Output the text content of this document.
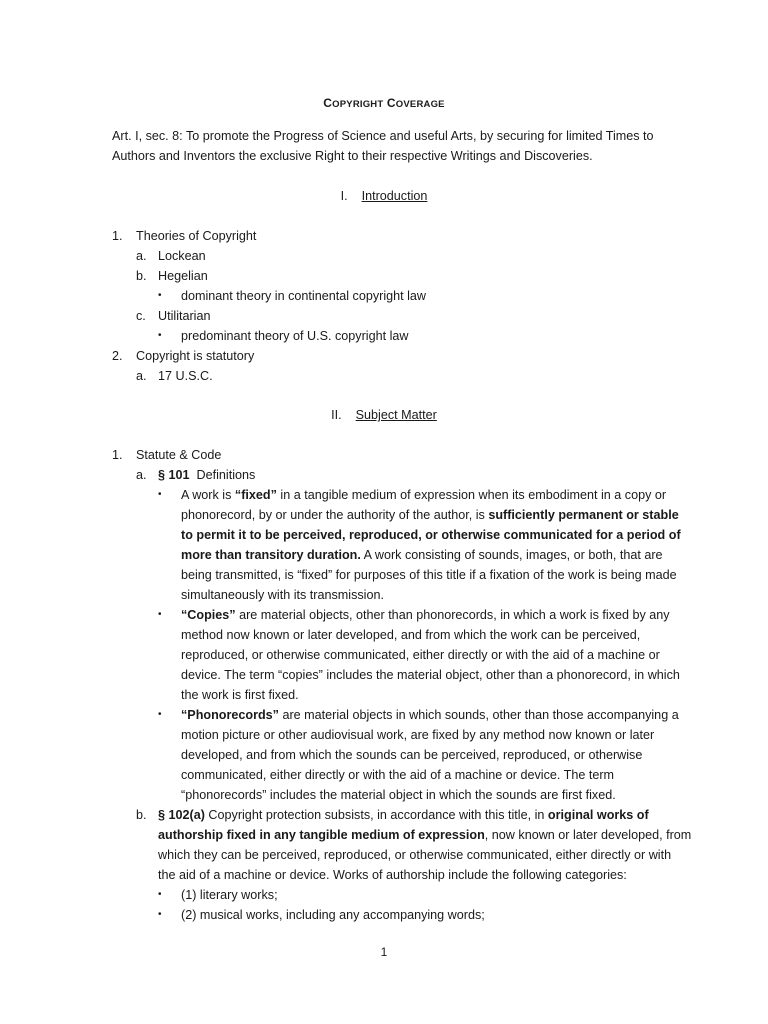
COPYRIGHT COVERAGE
Art. I, sec. 8: To promote the Progress of Science and useful Arts, by securing for limited Times to Authors and Inventors the exclusive Right to their respective Writings and Discoveries.
I. Introduction
1. Theories of Copyright
a. Lockean
b. Hegelian
• dominant theory in continental copyright law
c. Utilitarian
• predominant theory of U.S. copyright law
2. Copyright is statutory
a. 17 U.S.C.
II. Subject Matter
1. Statute & Code
a. § 101 Definitions
• A work is “fixed” in a tangible medium of expression when its embodiment in a copy or phonorecord, by or under the authority of the author, is sufficiently permanent or stable to permit it to be perceived, reproduced, or otherwise communicated for a period of more than transitory duration. A work consisting of sounds, images, or both, that are being transmitted, is “fixed” for purposes of this title if a fixation of the work is being made simultaneously with its transmission.
• “Copies” are material objects, other than phonorecords, in which a work is fixed by any method now known or later developed, and from which the work can be perceived, reproduced, or otherwise communicated, either directly or with the aid of a machine or device. The term “copies” includes the material object, other than a phonorecord, in which the work is first fixed.
• “Phonorecords” are material objects in which sounds, other than those accompanying a motion picture or other audiovisual work, are fixed by any method now known or later developed, and from which the sounds can be perceived, reproduced, or otherwise communicated, either directly or with the aid of a machine or device. The term “phonorecords” includes the material object in which the sounds are first fixed.
b. § 102(a) Copyright protection subsists, in accordance with this title, in original works of authorship fixed in any tangible medium of expression, now known or later developed, from which they can be perceived, reproduced, or otherwise communicated, either directly or with the aid of a machine or device. Works of authorship include the following categories:
• (1) literary works;
• (2) musical works, including any accompanying words;
1
